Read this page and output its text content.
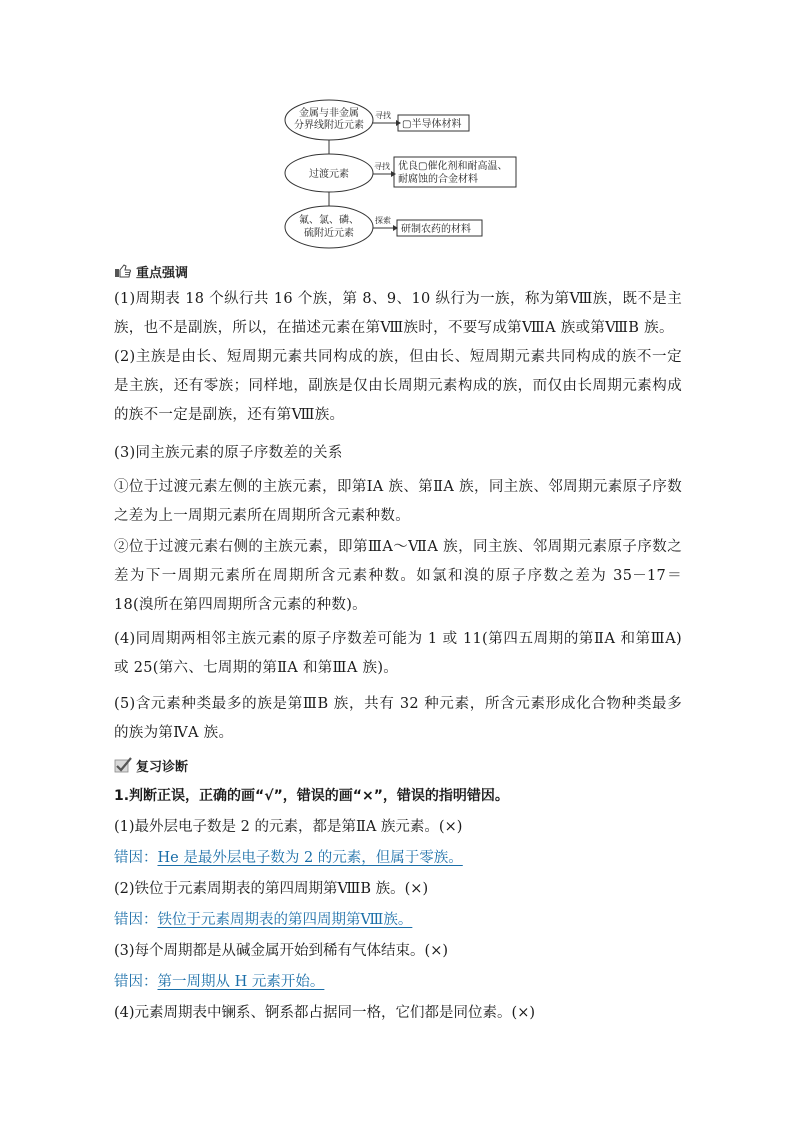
金属与非金属
分界线附近元素
寻找
▢半导体材料
过渡元素
寻找 优良▢催化剂和耐高温、
耐腐蚀的合金材料
氟、氯、磷、
硫附近元素
探索
研制农药的材料
重点强调
(1)周期表 18 个纵行共 16 个族，第 8、9、10 纵行为一族，称为第Ⅷ族，既不是主族，也不是副族，所以，在描述元素在第Ⅷ族时，不要写成第ⅧA 族或第ⅧB 族。
(2)主族是由长、短周期元素共同构成的族，但由长、短周期元素共同构成的族不一定是主族，还有零族；同样地，副族是仅由长周期元素构成的族，而仅由长周期元素构成的族不一定是副族，还有第Ⅷ族。
(3)同主族元素的原子序数差的关系
①位于过渡元素左侧的主族元素，即第ⅠA 族、第ⅡA 族，同主族、邻周期元素原子序数之差为上一周期元素所在周期所含元素种数。
②位于过渡元素右侧的主族元素，即第ⅢA～ⅦA 族，同主族、邻周期元素原子序数之差为下一周期元素所在周期所含元素种数。如氯和溴的原子序数之差为 35－17＝18(溴所在第四周期所含元素的种数)。
(4)同周期两相邻主族元素的原子序数差可能为 1 或 11(第四五周期的第ⅡA 和第ⅢA)或 25(第六、七周期的第ⅡA 和第ⅢA 族)。
(5)含元素种类最多的族是第ⅢB 族，共有 32 种元素，所含元素形成化合物种类最多的族为第ⅣA 族。
复习诊断
1.判断正误，正确的画“√”，错误的画“×”，错误的指明错因。
(1)最外层电子数是 2 的元素，都是第ⅡA 族元素。(×)
错因：He 是最外层电子数为 2 的元素，但属于零族。
(2)铁位于元素周期表的第四周期第ⅧB 族。(×)
错因：铁位于元素周期表的第四周期第Ⅷ族。
(3)每个周期都是从碱金属开始到稀有气体结束。(×)
错因：第一周期从 H 元素开始。
(4)元素周期表中镧系、锕系都占据同一格，它们都是同位素。(×)
